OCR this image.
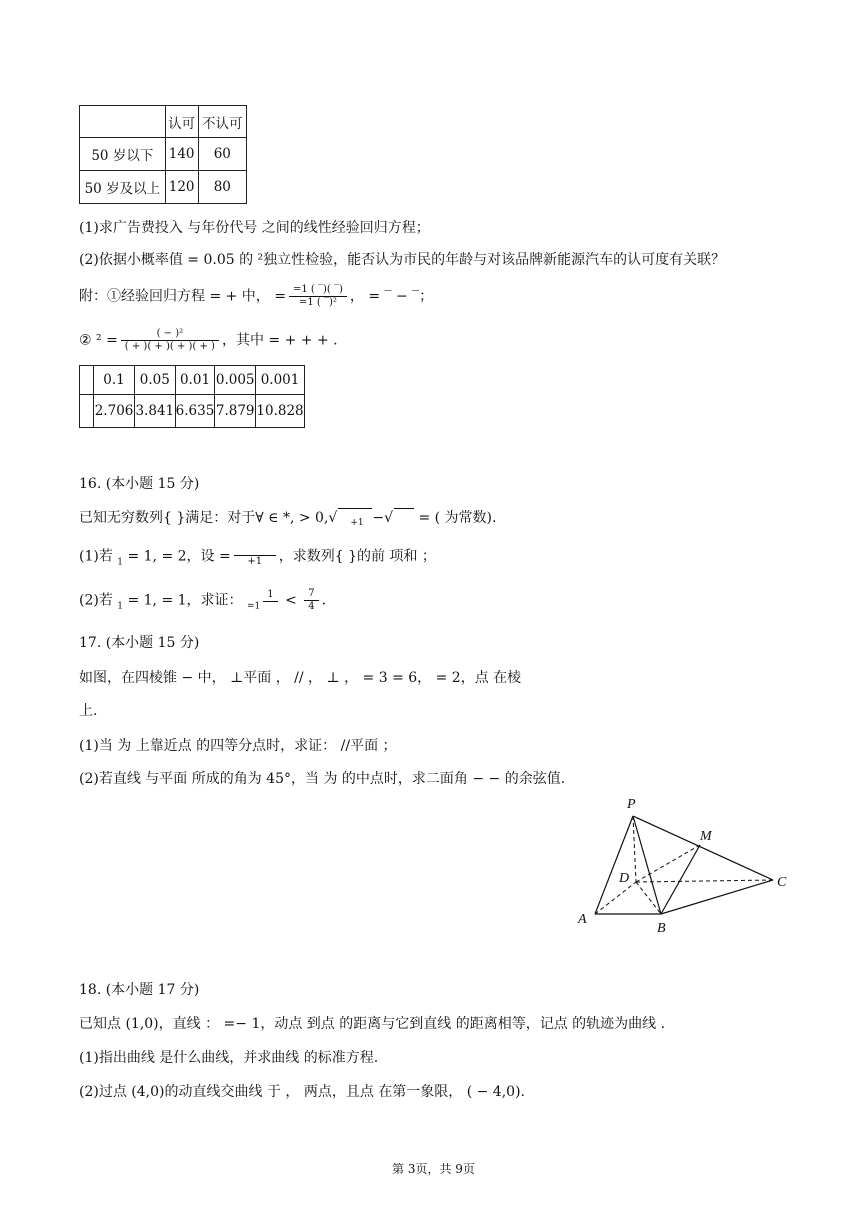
	认可	不认可
50 岁以下	140	60
50 岁及以上	120	80
(1)求广告费投入 与年份代号 之间的线性经验回归方程；
(2)依据小概率值 = 0.05 的 ²独立性检验，能否认为市民的年龄与对该品牌新能源汽车的认可度有关联？
附：①经验回归方程 = + 中， = $\frac{=1 ( ‾)( ‾)}{\text{=1 ( ‾)²}}$ ， = ‾ − ‾；
② $^2 = \frac{\text{( − )²}}{( + )( + )( + )( + )}$ ，其中 = + + + .
	0.1	0.05	0.01	0.005	0.001
	2.706	3.841	6.635	7.879	10.828
16. (本小题 15 分)
已知无穷数列{ }满足：对于∀ ∈ *, > 0,√ $_{+1}$ −√ = ( 为常数).
(1)若 $_1$ = 1, = 2，设 =	+1	，求数列{ }的前 项和 ；
(2)若 $_1$ = 1, = 1，求证： $_{=1}$
$1 < \frac{7}{4}$ .
17. (本小题 15 分)
如图，在四棱锥 − 中， ⊥平面 ， // ， ⊥ ， = 3 = 6， = 2，点 在棱
上.
(1)当 为 上靠近点 的四等分点时，求证： //平面 ；
(2)若直线 与平面 所成的角为 45°，当 为 的中点时，求二面角 − − 的余弦值.
P
M
D	C
A
B
18. (本小题 17 分)
已知点 (1,0)，直线 ： =− 1，动点 到点 的距离与它到直线 的距离相等，记点 的轨迹为曲线 .
(1)指出曲线 是什么曲线，并求曲线 的标准方程.
(2)过点 (4,0)的动直线交曲线 于 ， 两点，且点 在第一象限， ( − 4,0).
第 3页，共 9页
